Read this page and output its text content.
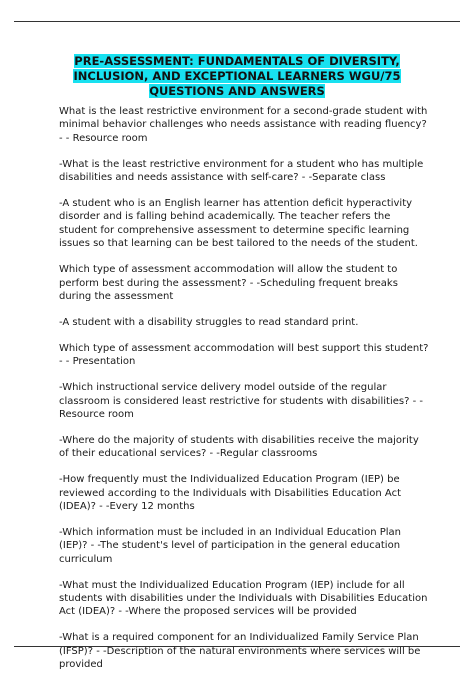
PRE-ASSESSMENT: FUNDAMENTALS OF DIVERSITY,
INCLUSION, AND EXCEPTIONAL LEARNERS WGU/75
QUESTIONS AND ANSWERS

What is the least restrictive environment for a second-grade student with minimal behavior challenges who needs assistance with reading fluency? - - Resource room

-What is the least restrictive environment for a student who has multiple disabilities and needs assistance with self-care? - -Separate class

-A student who is an English learner has attention deficit hyperactivity disorder and is falling behind academically. The teacher refers the student for comprehensive assessment to determine specific learning issues so that learning can be best tailored to the needs of the student.

Which type of assessment accommodation will allow the student to perform best during the assessment? - -Scheduling frequent breaks during the assessment

-A student with a disability struggles to read standard print.

Which type of assessment accommodation will best support this student? - - Presentation

-Which instructional service delivery model outside of the regular classroom is considered least restrictive for students with disabilities? - -Resource room

-Where do the majority of students with disabilities receive the majority of their educational services? - -Regular classrooms

-How frequently must the Individualized Education Program (IEP) be reviewed according to the Individuals with Disabilities Education Act (IDEA)? - -Every 12 months

-Which information must be included in an Individual Education Plan (IEP)? - -The student's level of participation in the general education curriculum

-What must the Individualized Education Program (IEP) include for all students with disabilities under the Individuals with Disabilities Education Act (IDEA)? - -Where the proposed services will be provided

-What is a required component for an Individualized Family Service Plan (IFSP)? - -Description of the natural environments where services will be provided
